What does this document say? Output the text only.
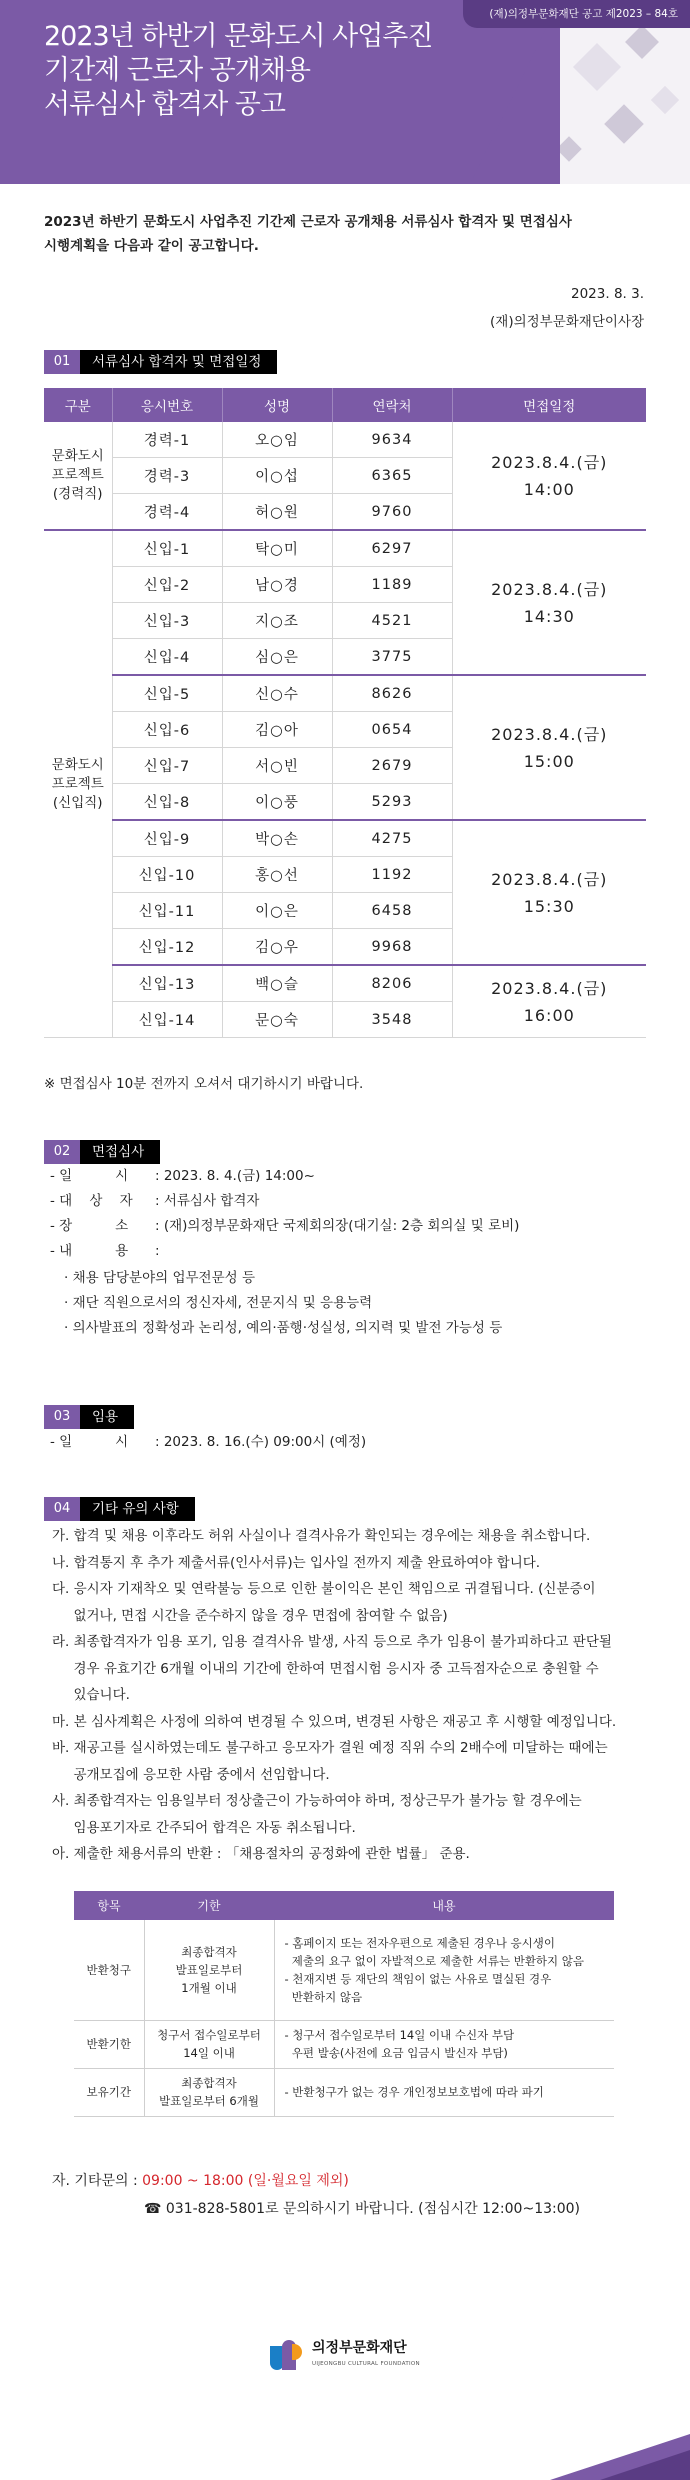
(재)의정부문화재단 공고 제2023 – 84호
2023년 하반기 문화도시 사업추진
기간제 근로자 공개채용
서류심사 합격자 공고
2023년 하반기 문화도시 사업추진 기간제 근로자 공개채용 서류심사 합격자 및 면접심사
시행계획을 다음과 같이 공고합니다.
2023. 8. 3.
(재)의정부문화재단이사장
01	서류심사 합격자 및 면접일정
구분	응시번호	성명	연락처	면접일정
문화도시
프로젝트
(경력직)	경력-1	오○임	9634	2023.8.4.(금)
14:00
	경력-3	이○섭	6365	
	경력-4	허○원	9760	
문화도시
프로젝트
(신입직)	신입-1	탁○미	6297	2023.8.4.(금)
14:30
	신입-2	남○경	1189	
	신입-3	지○조	4521	
	신입-4	심○은	3775	
	신입-5	신○수	8626	2023.8.4.(금)
15:00
	신입-6	김○아	0654	
	신입-7	서○빈	2679	
	신입-8	이○풍	5293	
	신입-9	박○손	4275	2023.8.4.(금)
15:30
	신입-10	홍○선	1192	
	신입-11	이○은	6458	
	신입-12	김○우	9968	
	신입-13	백○슬	8206	2023.8.4.(금)
16:00
	신입-14	문○숙	3548	
※ 면접심사 10분 전까지 오셔서 대기하시기 바랍니다.
02	면접심사
- 일          시	: 2023. 8. 4.(금) 14:00~
- 대    상    자	: 서류심사 합격자
- 장          소	: (재)의정부문화재단 국제회의장(대기실: 2층 회의실 및 로비)
- 내          용	:
· 채용 담당분야의 업무전문성 등
· 재단 직원으로서의 정신자세, 전문지식 및 응용능력
· 의사발표의 정확성과 논리성, 예의·품행·성실성, 의지력 및 발전 가능성 등
03	임용
- 일          시	: 2023. 8. 16.(수) 09:00시 (예정)
04	기타 유의 사항
가. 합격 및 채용 이후라도 허위 사실이나 결격사유가 확인되는 경우에는 채용을 취소합니다.
나. 합격통지 후 추가 제출서류(인사서류)는 입사일 전까지 제출 완료하여야 합니다.
다. 응시자 기재착오 및 연락불능 등으로 인한 불이익은 본인 책임으로 귀결됩니다. (신분증이
없거나, 면접 시간을 준수하지 않을 경우 면접에 참여할 수 없음)
라. 최종합격자가 임용 포기, 임용 결격사유 발생, 사직 등으로 추가 임용이 불가피하다고 판단될
경우 유효기간 6개월 이내의 기간에 한하여 면접시험 응시자 중 고득점자순으로 충원할 수
있습니다.
마. 본 심사계획은 사정에 의하여 변경될 수 있으며, 변경된 사항은 재공고 후 시행할 예정입니다.
바. 재공고를 실시하였는데도 불구하고 응모자가 결원 예정 직위 수의 2배수에 미달하는 때에는
공개모집에 응모한 사람 중에서 선임합니다.
사. 최종합격자는 임용일부터 정상출근이 가능하여야 하며, 정상근무가 불가능 할 경우에는
임용포기자로 간주되어 합격은 자동 취소됩니다.
아. 제출한 채용서류의 반환 : 「채용절차의 공정화에 관한 법률」 준용.
항목	기한	내용
반환청구	최종합격자
발표일로부터
1개월 이내	- 홈페이지 또는 전자우편으로 제출된 경우나 응시생이
제출의 요구 없이 자발적으로 제출한 서류는 반환하지 않음
- 천재지변 등 재단의 책임이 없는 사유로 멸실된 경우
반환하지 않음
반환기한	청구서 접수일로부터
14일 이내	- 청구서 접수일로부터 14일 이내 수신자 부담
우편 발송(사전에 요금 입금시 발신자 부담)
보유기간	최종합격자
발표일로부터 6개월	- 반환청구가 없는 경우 개인정보보호법에 따라 파기
자. 기타문의 : 09:00 ~ 18:00 (일·월요일 제외)
☎ 031-828-5801로 문의하시기 바랍니다. (점심시간 12:00~13:00)
의정부문화재단
UIJEONGBU CULTURAL FOUNDATION
